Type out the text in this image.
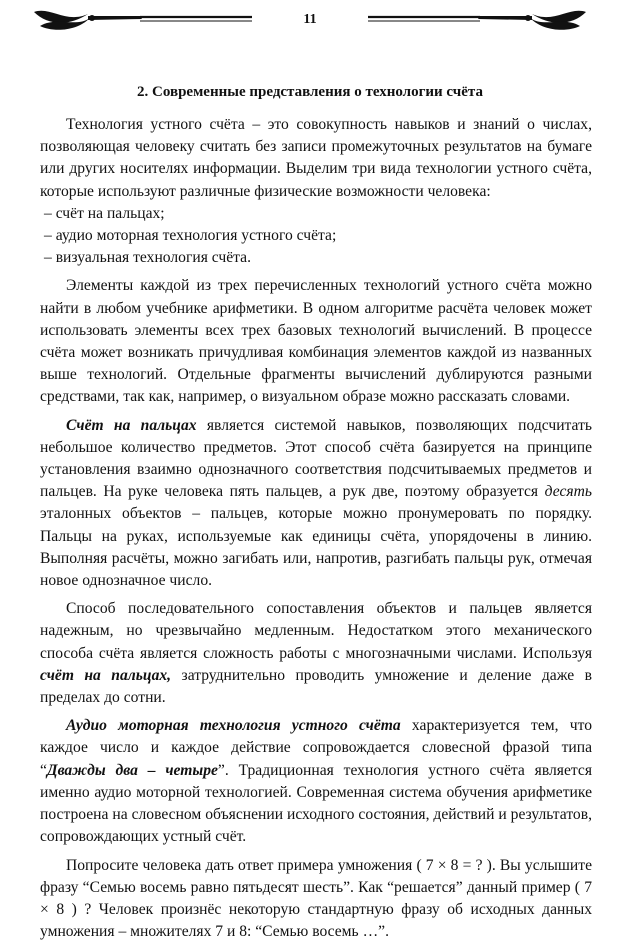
11
2. Современные представления о технологии счёта

Технология устного счёта – это совокупность навыков и знаний о числах, позволяющая человеку считать без записи промежуточных результатов на бумаге или других носителях информации. Выделим три вида технологии устного счёта, которые используют различные физические возможности человека:

– счёт на пальцах;
– аудио моторная технология устного счёта;
– визуальная технология счёта.

Элементы каждой из трех перечисленных технологий устного счёта можно найти в любом учебнике арифметики. В одном алгоритме расчёта человек может использовать элементы всех трех базовых технологий вычислений. В процессе счёта может возникать причудливая комбинация элементов каждой из названных выше технологий. Отдельные фрагменты вычислений дублируются разными средствами, так как, например, о визуальном образе можно рассказать словами.

Счёт на пальцах является системой навыков, позволяющих подсчитать небольшое количество предметов. Этот способ счёта базируется на принципе установления взаимно однозначного соответствия подсчитываемых предметов и пальцев. На руке человека пять пальцев, а рук две, поэтому образуется десять эталонных объектов – пальцев, которые можно пронумеровать по порядку. Пальцы на руках, используемые как единицы счёта, упорядочены в линию. Выполняя расчёты, можно загибать или, напротив, разгибать пальцы рук, отмечая новое однозначное число.

Способ последовательного сопоставления объектов и пальцев является надежным, но чрезвычайно медленным. Недостатком этого механического способа счёта является сложность работы с многозначными числами. Используя счёт на пальцах, затруднительно проводить умножение и деление даже в пределах до сотни.

Аудио моторная технология устного счёта характеризуется тем, что каждое число и каждое действие сопровождается словесной фразой типа “Дважды два – четыре”. Традиционная технология устного счёта является именно аудио моторной технологией. Современная система обучения арифметике построена на словесном объяснении исходного состояния, действий и результатов, сопровождающих устный счёт.

Попросите человека дать ответ примера умножения ( 7 × 8 = ? ). Вы услышите фразу “Семью восемь равно пятьдесят шесть”. Как “решается” данный пример ( 7 × 8 ) ? Человек произнёс некоторую стандартную фразу об исходных данных умножения – множителях 7 и 8: “Семью восемь …”.
